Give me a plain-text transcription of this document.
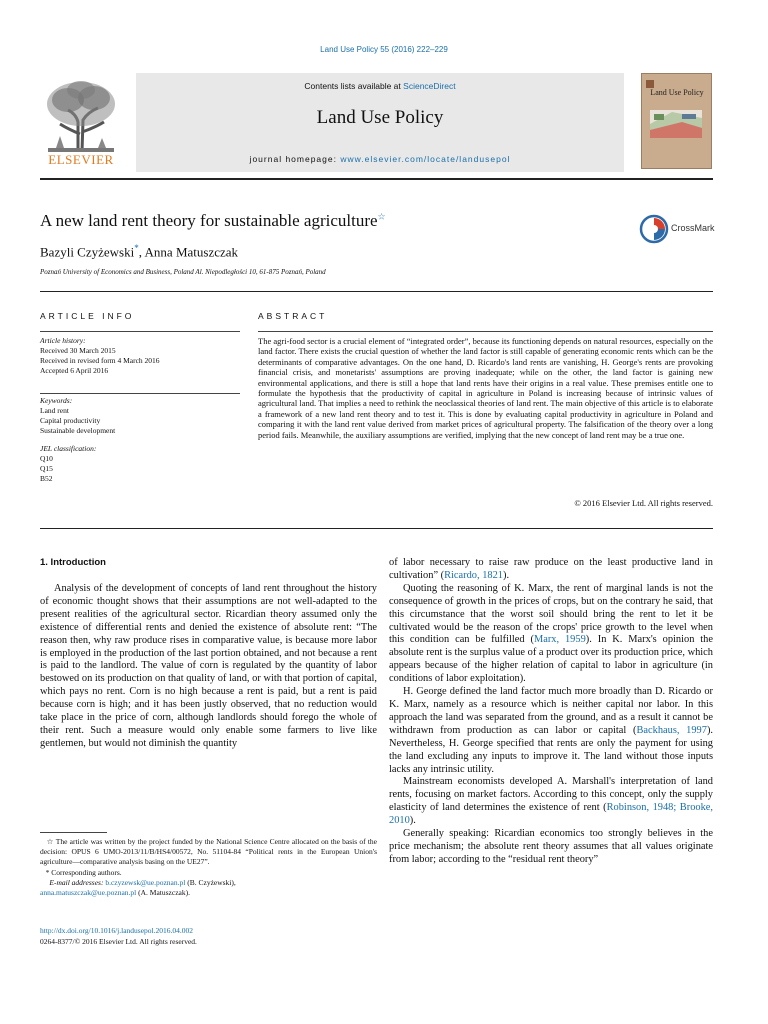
Land Use Policy 55 (2016) 222–229
ELSEVIER
Contents lists available at ScienceDirect
Land Use Policy
journal homepage: www.elsevier.com/locate/landusepol
Land Use Policy
A new land rent theory for sustainable agriculture☆
CrossMark
Bazyli Czyżewski*, Anna Matuszczak
Poznań University of Economics and Business, Poland Al. Niepodległości 10, 61-875 Poznań, Poland
ARTICLE INFO	ABSTRACT
Article history:
Received 30 March 2015
Received in revised form 4 March 2016
Accepted 6 April 2016
Keywords:
Land rent
Capital productivity
Sustainable development
JEL classification:
Q10
Q15
B52
The agri-food sector is a crucial element of “integrated order”, because its functioning depends on natural resources, especially on the land factor. There exists the crucial question of whether the land factor is still capable of generating economic rents which can be the determinants of comparative advantages. On the one hand, D. Ricardo's land rents are vanishing, H. George's rents are provoking financial crisis, and monetarists' assumptions are proving inadequate; while on the other, the land factor is gaining new environmental applications, and there is still a hope that land rents have their origins in a real value. These premises entitle one to formulate the hypothesis that the productivity of capital in agriculture in Poland is increasing because of intrinsic values of agricultural land. That implies a need to rethink the neoclassical theories of land rent. The main objective of this article is to elaborate a framework of a new land rent theory and to test it. This is done by evaluating capital productivity in agriculture in Poland and comparing it with the land rent value derived from market prices of agricultural property. The falsification of the theory over a long period fails. Meanwhile, the auxiliary assumptions are verified, implying that the new concept of land rent may be a true one.
© 2016 Elsevier Ltd. All rights reserved.
1. Introduction

Analysis of the development of concepts of land rent throughout the history of economic thought shows that their assumptions are not well-adapted to the present realities of the agricultural sector. Ricardian theory assumed only the existence of differential rents and denied the existence of absolute rent: “The reason then, why raw produce rises in comparative value, is because more labor is employed in the production of the last portion obtained, and not because a rent is paid to the landlord. The value of corn is regulated by the quantity of labor bestowed on its production on that quality of land, or with that portion of capital, which pays no rent. Corn is no high because a rent is paid, but a rent is paid because corn is high; and it has been justly observed, that no reduction would take place in the price of corn, although landlords should forego the whole of their rent. Such a measure would only enable some farmers to live like gentlemen, but would not diminish the quantity

of labor necessary to raise raw produce on the least productive land in cultivation” (Ricardo, 1821).

Quoting the reasoning of K. Marx, the rent of marginal lands is not the consequence of growth in the prices of crops, but on the contrary he said, that this circumstance that the worst soil should bring the rent to let it be cultivated would be the reason of the crops' price growth to the level when this condition can be fulfilled (Marx, 1959). In K. Marx's opinion the absolute rent is the surplus value of a product over its production price, which appears because of the higher relation of capital to labor in agriculture (in conditions of labor exploitation).

H. George defined the land factor much more broadly than D. Ricardo or K. Marx, namely as a resource which is neither capital nor labor. In this approach the land was separated from the ground, and as a result it cannot be withdrawn from production as can labor or capital (Backhaus, 1997). Nevertheless, H. George specified that rents are only the payment for using the land excluding any inputs to improve it. The land without those inputs lacks any intrinsic utility.

Mainstream economists developed A. Marshall's interpretation of land rents, focusing on market factors. According to this concept, only the supply elasticity of land determines the existence of rent (Robinson, 1948; Brooke, 2010).

Generally speaking: Ricardian economics too strongly believes in the price mechanism; the absolute rent theory assumes that all values originate from labor; according to the “residual rent theory”

☆ The article was written by the project funded by the National Science Centre allocated on the basis of the decision: OPUS 6 UMO-2013/11/B/HS4/00572, No. 51104-84 “Political rents in the European Union's agriculture—comparative analysis basing on the UE27”.

* Corresponding authors.

E-mail addresses: b.czyzewsk@ue.poznan.pl (B. Czyżewski),
anna.matuszczak@ue.poznan.pl (A. Matuszczak).

http://dx.doi.org/10.1016/j.landusepol.2016.04.002
0264-8377/© 2016 Elsevier Ltd. All rights reserved.
